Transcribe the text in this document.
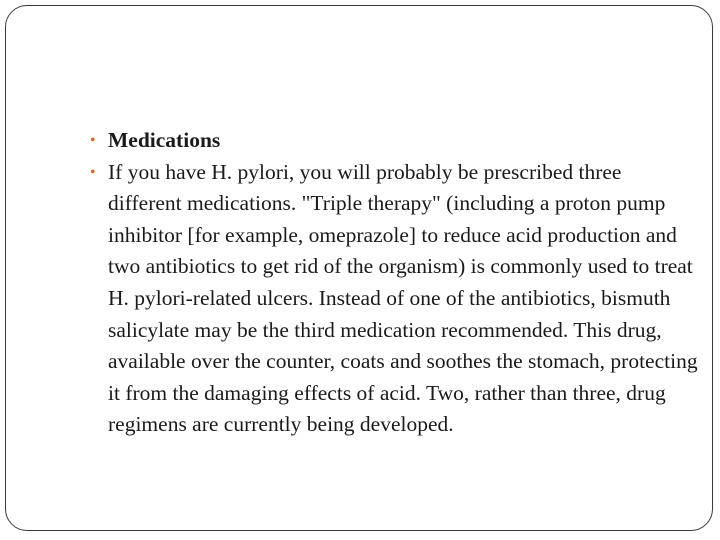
• Medications
• If you have H. pylori, you will probably be prescribed three different medications. "Triple therapy" (including a proton pump inhibitor [for example, omeprazole] to reduce acid production and two antibiotics to get rid of the organism) is commonly used to treat H. pylori-related ulcers. Instead of one of the antibiotics, bismuth salicylate may be the third medication recommended. This drug, available over the counter, coats and soothes the stomach, protecting it from the damaging effects of acid. Two, rather than three, drug regimens are currently being developed.
